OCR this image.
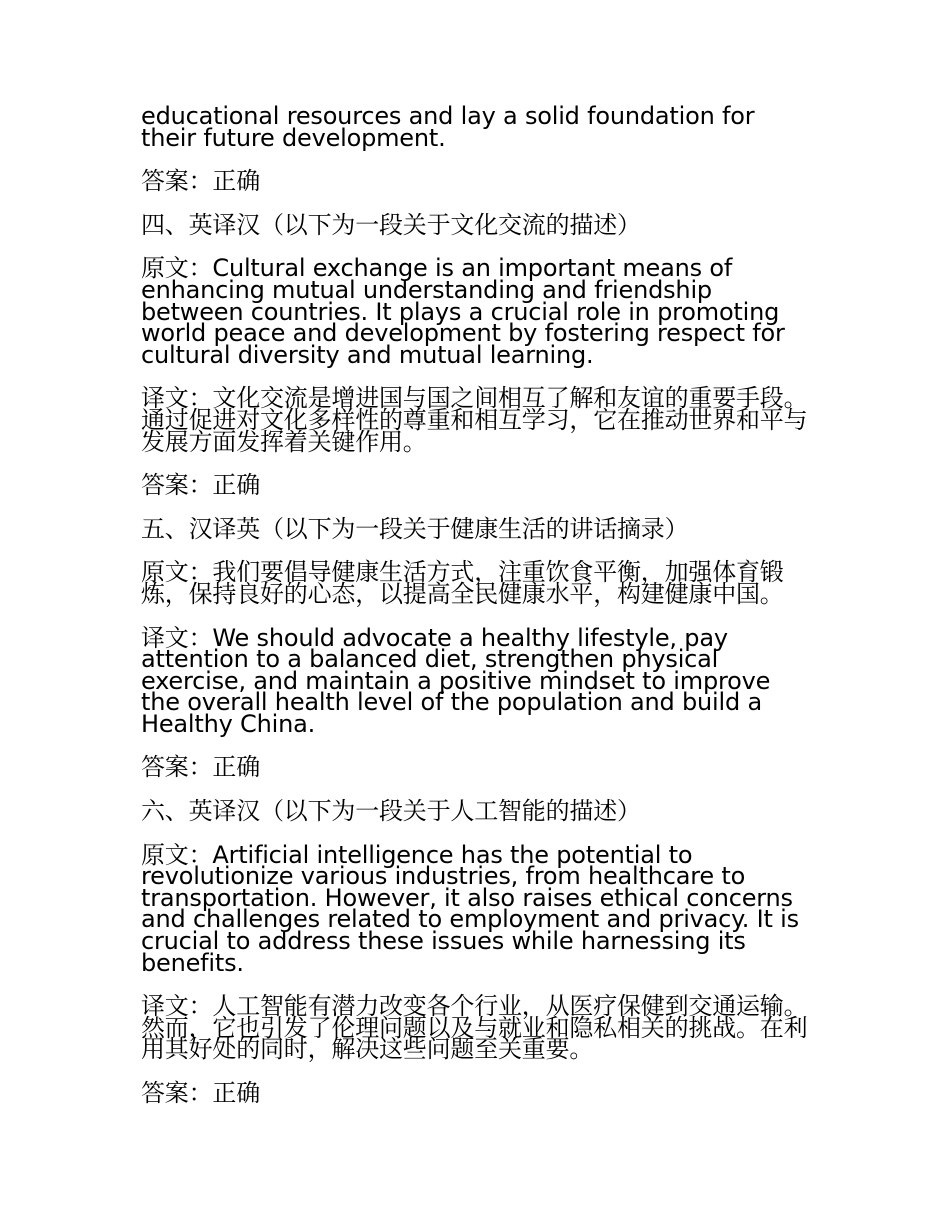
educational resources and lay a solid foundation for their future development.

答案：正确

四、英译汉（以下为一段关于文化交流的描述）

原文：Cultural exchange is an important means of enhancing mutual understanding and friendship between countries. It plays a crucial role in promoting world peace and development by fostering respect for cultural diversity and mutual learning.

译文：文化交流是增进国与国之间相互了解和友谊的重要手段。通过促进对文化多样性的尊重和相互学习，它在推动世界和平与发展方面发挥着关键作用。

答案：正确

五、汉译英（以下为一段关于健康生活的讲话摘录）

原文：我们要倡导健康生活方式，注重饮食平衡，加强体育锻炼，保持良好的心态，以提高全民健康水平，构建健康中国。

译文：We should advocate a healthy lifestyle, pay attention to a balanced diet, strengthen physical exercise, and maintain a positive mindset to improve the overall health level of the population and build a Healthy China.

答案：正确

六、英译汉（以下为一段关于人工智能的描述）

原文：Artificial intelligence has the potential to revolutionize various industries, from healthcare to transportation. However, it also raises ethical concerns and challenges related to employment and privacy. It is crucial to address these issues while harnessing its benefits.

译文：人工智能有潜力改变各个行业，从医疗保健到交通运输。然而，它也引发了伦理问题以及与就业和隐私相关的挑战。在利用其好处的同时，解决这些问题至关重要。

答案：正确
